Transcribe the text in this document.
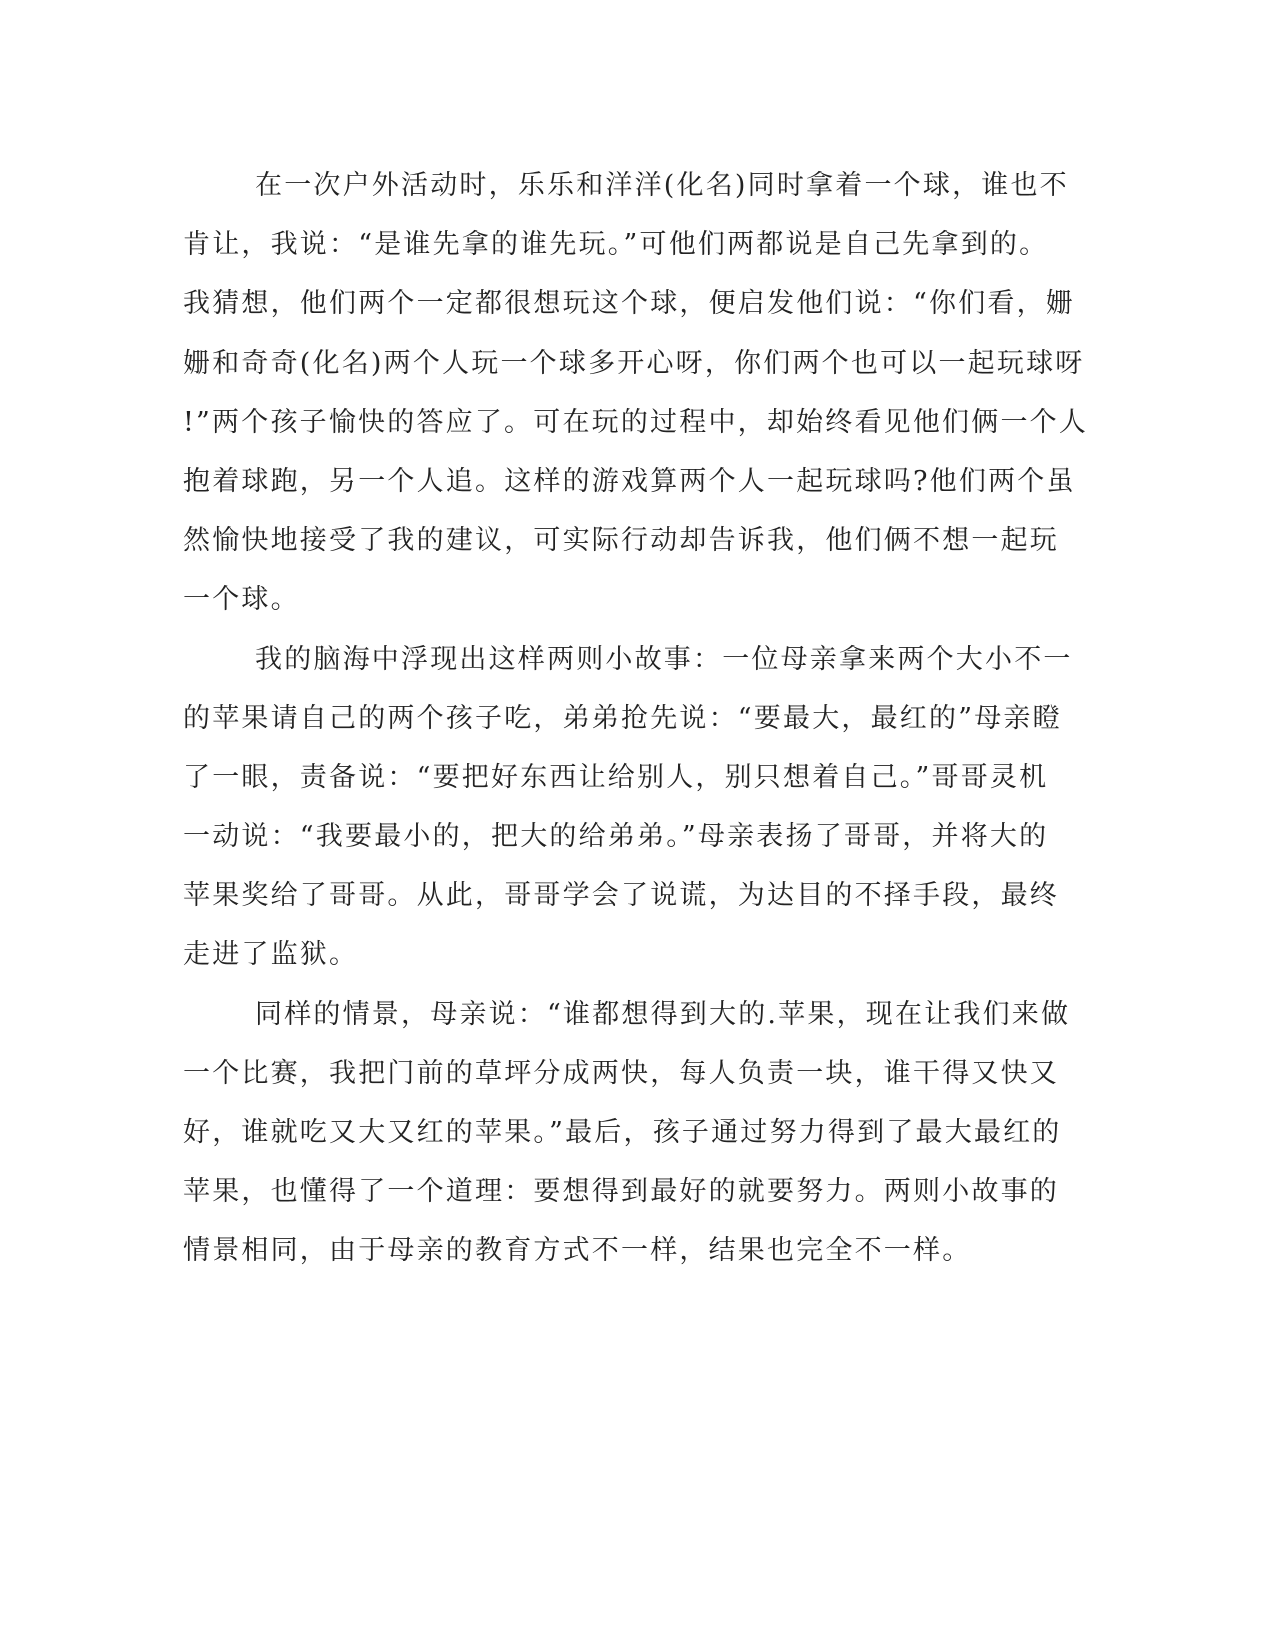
在一次户外活动时，乐乐和洋洋(化名)同时拿着一个球，谁也不
肯让，我说：“是谁先拿的谁先玩。”可他们两都说是自己先拿到的。
我猜想，他们两个一定都很想玩这个球，便启发他们说：“你们看，姗
姗和奇奇(化名)两个人玩一个球多开心呀，你们两个也可以一起玩球呀
!”两个孩子愉快的答应了。可在玩的过程中，却始终看见他们俩一个人
抱着球跑，另一个人追。这样的游戏算两个人一起玩球吗?他们两个虽
然愉快地接受了我的建议，可实际行动却告诉我，他们俩不想一起玩
一个球。
我的脑海中浮现出这样两则小故事：一位母亲拿来两个大小不一
的苹果请自己的两个孩子吃，弟弟抢先说：“要最大，最红的”母亲瞪
了一眼，责备说：“要把好东西让给别人，别只想着自己。”哥哥灵机
一动说：“我要最小的，把大的给弟弟。”母亲表扬了哥哥，并将大的
苹果奖给了哥哥。从此，哥哥学会了说谎，为达目的不择手段，最终
走进了监狱。
同样的情景，母亲说：“谁都想得到大的.苹果，现在让我们来做
一个比赛，我把门前的草坪分成两快，每人负责一块，谁干得又快又
好，谁就吃又大又红的苹果。”最后，孩子通过努力得到了最大最红的
苹果，也懂得了一个道理：要想得到最好的就要努力。两则小故事的
情景相同，由于母亲的教育方式不一样，结果也完全不一样。
